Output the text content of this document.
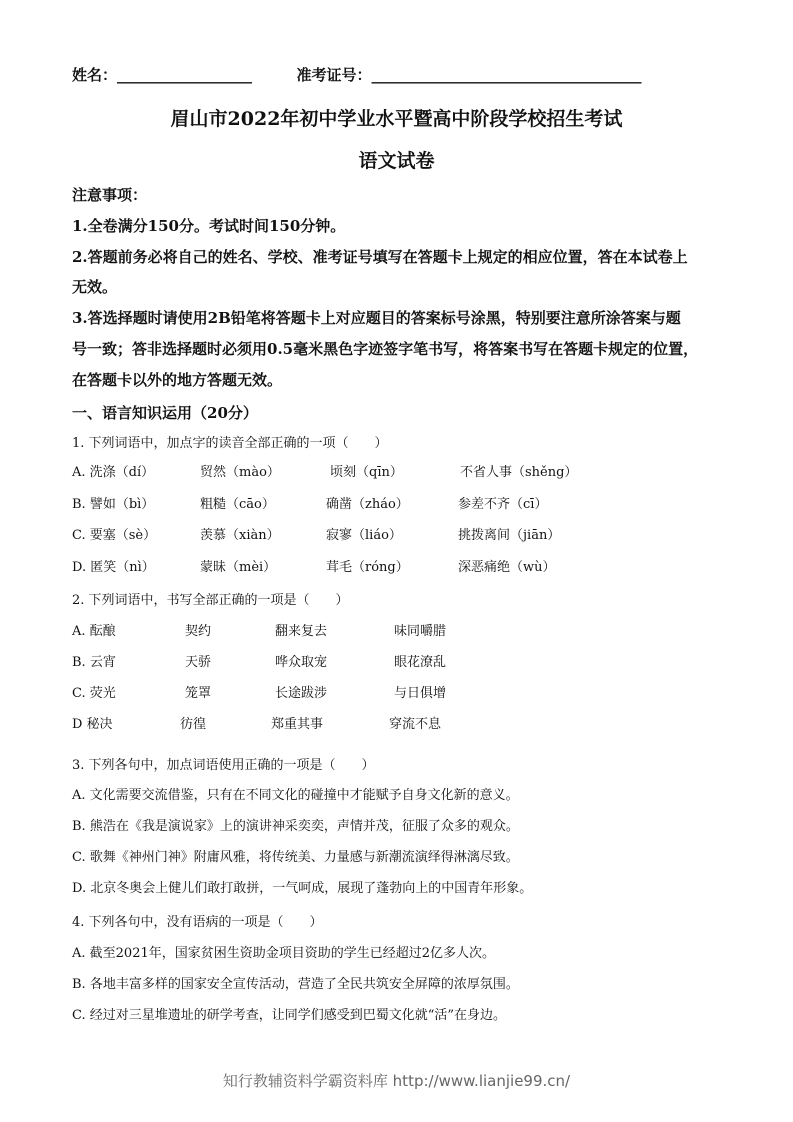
姓名：__________________	准考证号：____________________________________
眉山市2022年初中学业水平暨高中阶段学校招生考试
语文试卷
注意事项：
1.全卷满分150分。考试时间150分钟。
2.答题前务必将自己的姓名、学校、准考证号填写在答题卡上规定的相应位置，答在本试卷上
无效。
3.答选择题时请使用2B铅笔将答题卡上对应题目的答案标号涂黑，特别要注意所涂答案与题
号一致；答非选择题时必须用0.5毫米黑色字迹签字笔书写，将答案书写在答题卡规定的位置，
在答题卡以外的地方答题无效。
一、语言知识运用（20分）
1. 下列词语中，加点字的读音全部正确的一项（　　）
A. 洗涤（dí）	贸然（mào）	顷刻（qīn）	不省人事（shěng）
B. 譬如（bì）	粗糙（cāo）	确凿（zháo）	参差不齐（cī）
C. 要塞（sè）	羡慕（xiàn）	寂寥（liáo）	挑拨离间（jiān）
D. 匿笑（nì）	蒙昧（mèi）	茸毛（róng）	深恶痛绝（wù）
2. 下列词语中，书写全部正确的一项是（　　）
A. 酝酿	契约	翻来复去	味同嚼腊
B. 云宵	天骄	哗众取宠	眼花潦乱
C. 荧光	笼罩	长途跋涉	与日俱增
D 秘决	彷徨	郑重其事	穿流不息
3. 下列各句中，加点词语使用正确的一项是（　　）
A. 文化需要交流借鉴，只有在不同文化的碰撞中才能赋予自身文化新的意义。
B. 熊浩在《我是演说家》上的演讲神采奕奕，声情并茂，征服了众多的观众。
C. 歌舞《神州门神》附庸风雅，将传统美、力量感与新潮流演绎得淋漓尽致。
D. 北京冬奥会上健儿们敢打敢拼，一气呵成，展现了蓬勃向上的中国青年形象。
4. 下列各句中，没有语病的一项是（　　）
A. 截至2021年，国家贫困生资助金项目资助的学生已经超过2亿多人次。
B. 各地丰富多样的国家安全宣传活动，营造了全民共筑安全屏障的浓厚氛围。
C. 经过对三星堆遗址的研学考查，让同学们感受到巴蜀文化就“活”在身边。
知行教辅资料学霸资料库 http://www.lianjie99.cn/
